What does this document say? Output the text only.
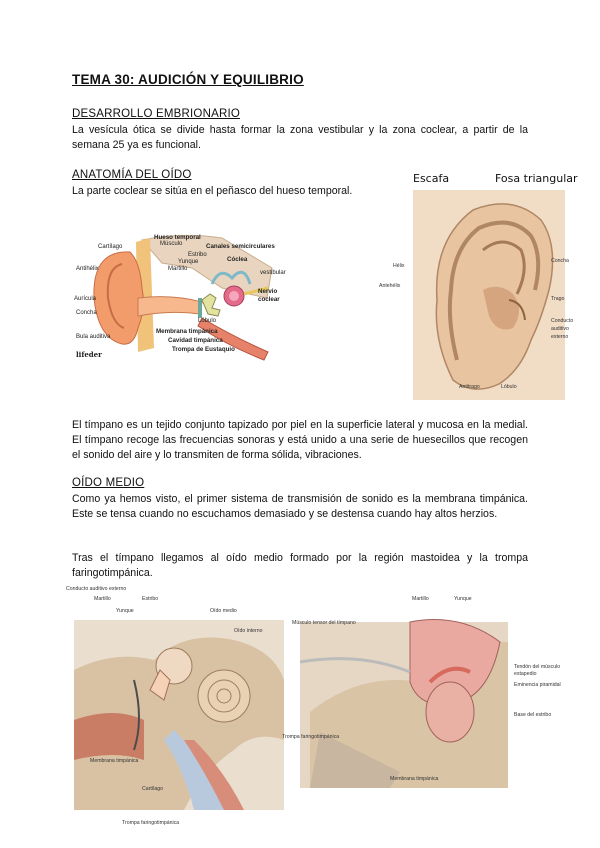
TEMA 30: AUDICIÓN Y EQUILIBRIO
DESARROLLO EMBRIONARIO
La vesícula ótica se divide hasta formar la zona vestibular y la zona coclear, a partir de la semana 25 ya es funcional.
ANATOMÍA DEL OÍDO
La parte coclear se sitúa en el peñasco del hueso temporal.
Hueso temporal
Músculo	Canales semicirculares
Cartílago
Estribo
Yunque
Martillo
Cóclea
Antihélix
vestibular
Nervio
coclear
Aurícula
Concha
Lóbulo
Membrana timpánica
Cavidad timpánica
Trompa de Eustaquio
Bula auditiva
lifeder
Escafa	Fosa triangular
Hélix
Antehélix
Concha
Trago
Conducto
auditivo
externo
Antitrago	Lóbulo
El tímpano es un tejido conjunto tapizado por piel en la superficie lateral y mucosa en la medial. El tímpano recoge las frecuencias sonoras y está unido a una serie de huesecillos que recogen el sonido del aire y lo transmiten de forma sólida, vibraciones.
OÍDO MEDIO
Como ya hemos visto, el primer sistema de transmisión de sonido es la membrana timpánica. Este se tensa cuando no escuchamos demasiado y se destensa cuando hay altos herzios.
Tras el tímpano llegamos al oído medio formado por la región mastoidea y la trompa faringotimpánica.
Conducto auditivo externo
Martillo	Estribo
Yunque	Oído medio
Oído interno
Membrana timpánica
Cartílago
Trompa faringotimpánica
Martillo	Yunque
Músculo tensor del tímpano
Tendón del músculo
estapedio
Eminencia piramidal
Base del estribo
Trompa faringotimpánica
Membrana timpánica
